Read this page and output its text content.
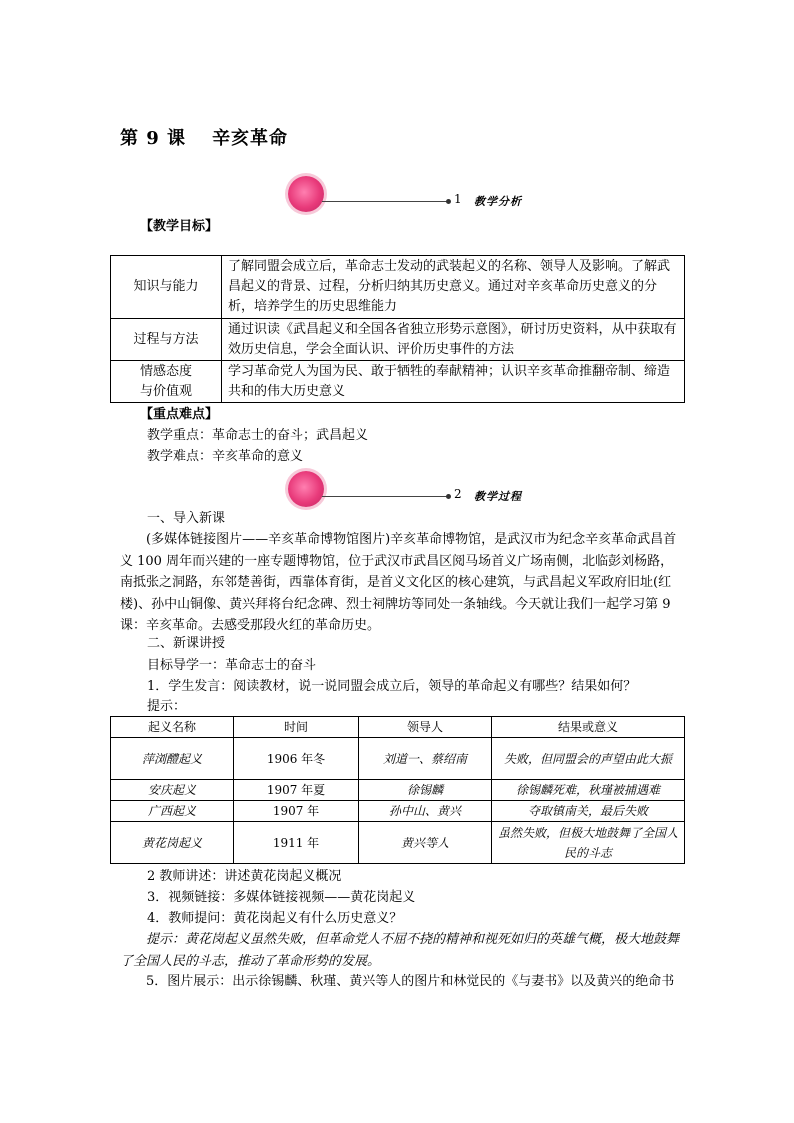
第 9 课 辛亥革命
1 教学分析
【教学目标】
知识与能力	了解同盟会成立后，革命志士发动的武装起义的名称、领导人及影响。了解武昌起义的背景、过程，分析归纳其历史意义。通过对辛亥革命历史意义的分析，培养学生的历史思维能力
过程与方法	通过识读《武昌起义和全国各省独立形势示意图》，研讨历史资料，从中获取有效历史信息，学会全面认识、评价历史事件的方法

情感态度
与价值观	学习革命党人为国为民、敢于牺牲的奉献精神；认识辛亥革命推翻帝制、缔造共和的伟大历史意义
【重点难点】
教学重点：革命志士的奋斗；武昌起义
教学难点：辛亥革命的意义
2 教学过程
一、导入新课
(多媒体链接图片——辛亥革命博物馆图片)辛亥革命博物馆，是武汉市为纪念辛亥革命武昌首义 100 周年而兴建的一座专题博物馆，位于武汉市武昌区阅马场首义广场南侧，北临彭刘杨路，南抵张之洞路，东邻楚善街，西靠体育街，是首义文化区的核心建筑，与武昌起义军政府旧址(红楼)、孙中山铜像、黄兴拜将台纪念碑、烈士祠牌坊等同处一条轴线。今天就让我们一起学习第 9 课：辛亥革命。去感受那段火红的革命历史。
二、新课讲授
目标导学一：革命志士的奋斗
1．学生发言：阅读教材，说一说同盟会成立后，领导的革命起义有哪些？结果如何？
提示：
起义名称	时间	领导人	结果或意义
萍浏醴起义	1906 年冬	刘道一、蔡绍南	失败，但同盟会的声望由此大振
安庆起义	1907 年夏	徐锡麟	徐锡麟死难，秋瑾被捕遇难
广西起义	1907 年	孙中山、黄兴	夺取镇南关，最后失败
黄花岗起义	1911 年	黄兴等人	虽然失败，但极大地鼓舞了全国人民的斗志
2 教师讲述：讲述黄花岗起义概况
3．视频链接：多媒体链接视频——黄花岗起义
4．教师提问：黄花岗起义有什么历史意义？
提示：黄花岗起义虽然失败，但革命党人不屈不挠的精神和视死如归的英雄气概，极大地鼓舞了全国人民的斗志，推动了革命形势的发展。
5．图片展示：出示徐锡麟、秋瑾、黄兴等人的图片和林觉民的《与妻书》以及黄兴的绝命书
